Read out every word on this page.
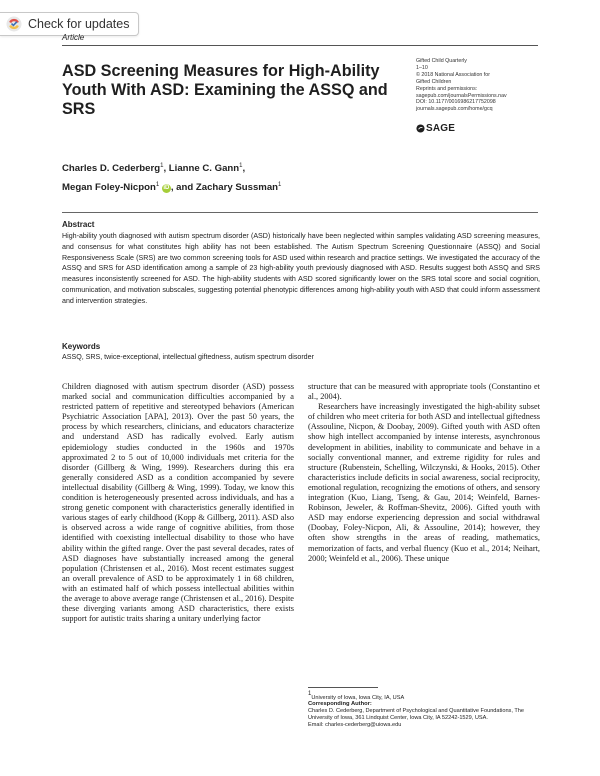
Check for updates
Article
ASD Screening Measures for High-Ability Youth With ASD: Examining the ASSQ and SRS
Gifted Child Quarterly
1–10
© 2018 National Association for
Gifted Children
Reprints and permissions:
sagepub.com/journalsPermissions.nav
DOI: 10.1177/0016986217752098
journals.sagepub.com/home/gcq
SAGE
Charles D. Cederberg$^1$, Lianne C. Gann$^1$,
Megan Foley-Nicpon$^1$ iD , and Zachary Sussman$^1$
Abstract

High-ability youth diagnosed with autism spectrum disorder (ASD) historically have been neglected within samples validating ASD screening measures, and consensus for what constitutes high ability has not been established. The Autism Spectrum Screening Questionnaire (ASSQ) and Social Responsiveness Scale (SRS) are two common screening tools for ASD used within research and practice settings. We investigated the accuracy of the ASSQ and SRS for ASD identification among a sample of 23 high-ability youth previously diagnosed with ASD. Results suggest both ASSQ and SRS measures inconsistently screened for ASD. The high-ability students with ASD scored significantly lower on the SRS total score and social cognition, communication, and motivation subscales, suggesting potential phenotypic differences among high-ability youth with ASD that could inform assessment and intervention strategies.

Keywords
ASSQ, SRS, twice-exceptional, intellectual giftedness, autism spectrum disorder

Children diagnosed with autism spectrum disorder (ASD) possess marked social and communication difficulties accompanied by a restricted pattern of repetitive and stereotyped behaviors (American Psychiatric Association [APA], 2013). Over the past 50 years, the process by which researchers, clinicians, and educators characterize and understand ASD has radically evolved. Early autism epidemiology studies conducted in the 1960s and 1970s approximated 2 to 5 out of 10,000 individuals met criteria for the disorder (Gillberg & Wing, 1999). Researchers during this era generally considered ASD as a condition accompanied by severe intellectual disability (Gillberg & Wing, 1999). Today, we know this condition is heterogeneously presented across individuals, and has a strong genetic component with characteristics generally identified in various stages of early childhood (Kopp & Gillberg, 2011). ASD also is observed across a wide range of cognitive abilities, from those identified with coexisting intellectual disability to those who have ability within the gifted range. Over the past several decades, rates of ASD diagnoses have substantially increased among the general population (Christensen et al., 2016). Most recent estimates suggest an overall prevalence of ASD to be approximately 1 in 68 children, with an estimated half of which possess intellectual abilities within the average to above average range (Christensen et al., 2016). Despite these diverging variants among ASD characteristics, there exists support for autistic traits sharing a unitary underlying factor

structure that can be measured with appropriate tools (Constantino et al., 2004).

Researchers have increasingly investigated the high-ability subset of children who meet criteria for both ASD and intellectual giftedness (Assouline, Nicpon, & Doobay, 2009). Gifted youth with ASD often show high intellect accompanied by intense interests, asynchronous development in abilities, inability to communicate and behave in a socially conventional manner, and extreme rigidity for rules and structure (Rubenstein, Schelling, Wilczynski, & Hooks, 2015). Other characteristics include deficits in social awareness, social reciprocity, emotional regulation, recognizing the emotions of others, and sensory integration (Kuo, Liang, Tseng, & Gau, 2014; Weinfeld, Barnes-Robinson, Jeweler, & Roffman-Shevitz, 2006). Gifted youth with ASD may endorse experiencing depression and social withdrawal (Doobay, Foley-Nicpon, Ali, & Assouline, 2014); however, they often show strengths in the areas of reading, mathematics, memorization of facts, and verbal fluency (Kuo et al., 2014; Neihart, 2000; Weinfeld et al., 2006). These unique

1University of Iowa, Iowa City, IA, USA
Corresponding Author:
Charles D. Cederberg, Department of Psychological and Quantitative Foundations, The University of Iowa, 361 Lindquist Center, Iowa City, IA 52242-1529, USA.
Email: charles-cederberg@uiowa.edu
